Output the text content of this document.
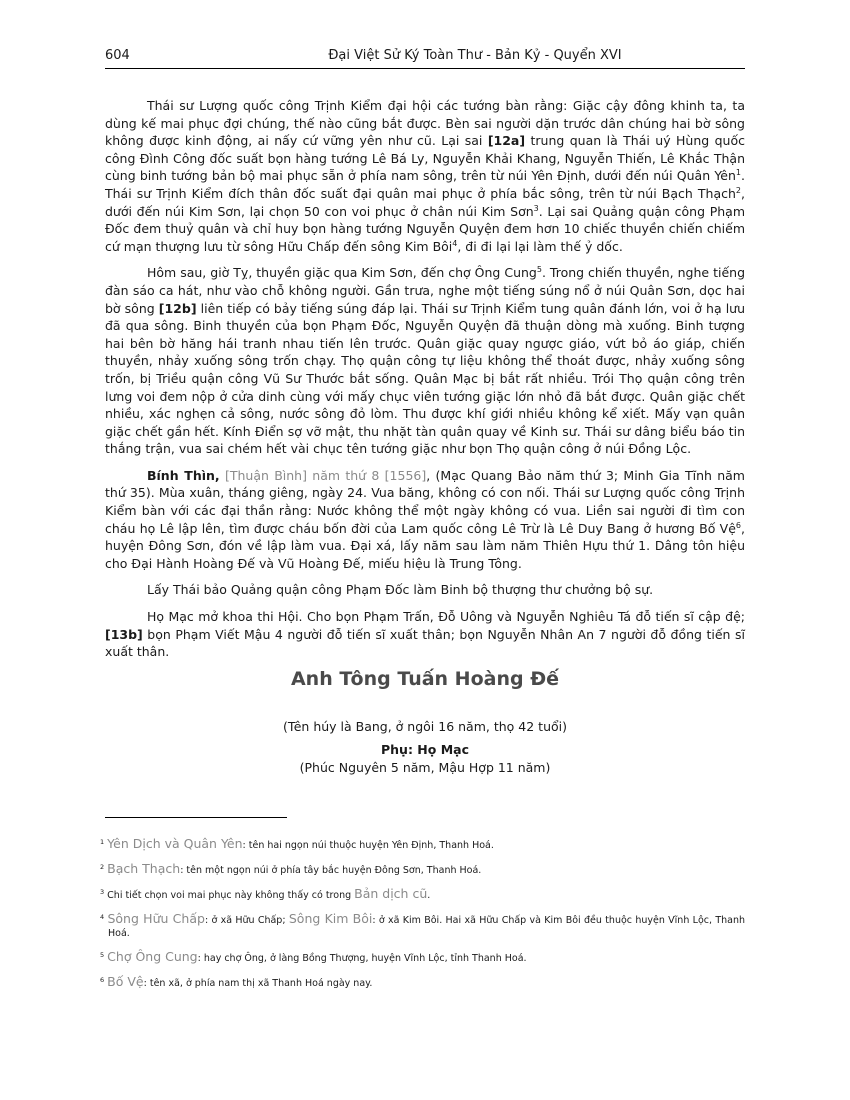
604	Đại Việt Sử Ký Toàn Thư - Bản Kỷ - Quyển XVI

Thái sư Lượng quốc công Trịnh Kiểm đại hội các tướng bàn rằng: Giặc cậy đông khinh ta, ta dùng kế mai phục đợi chúng, thế nào cũng bắt được. Bèn sai người dặn trước dân chúng hai bờ sông không được kinh động, ai nấy cứ vững yên như cũ. Lại sai [12a] trung quan là Thái uý Hùng quốc công Đình Công đốc suất bọn hàng tướng Lê Bá Ly, Nguyễn Khải Khang, Nguyễn Thiến, Lê Khắc Thận cùng binh tướng bản bộ mai phục sẵn ở phía nam sông, trên từ núi Yên Định, dưới đến núi Quân Yên$^1$. Thái sư Trịnh Kiểm đích thân đốc suất đại quân mai phục ở phía bắc sông, trên từ núi Bạch Thạch$^2$, dưới đến núi Kim Sơn, lại chọn 50 con voi phục ở chân núi Kim Sơn$^3$. Lại sai Quảng quận công Phạm Đốc đem thuỷ quân và chỉ huy bọn hàng tướng Nguyễn Quyện đem hơn 10 chiếc thuyền chiến chiếm cứ mạn thượng lưu từ sông Hữu Chấp đến sông Kim Bôi$^4$, đi đi lại lại làm thế ỷ dốc.

Hôm sau, giờ Tỵ, thuyền giặc qua Kim Sơn, đến chợ Ông Cung$^5$. Trong chiến thuyền, nghe tiếng đàn sáo ca hát, như vào chỗ không người. Gần trưa, nghe một tiếng súng nổ ở núi Quân Sơn, dọc hai bờ sông [12b] liên tiếp có bảy tiếng súng đáp lại. Thái sư Trịnh Kiểm tung quân đánh lớn, voi ở hạ lưu đã qua sông. Binh thuyền của bọn Phạm Đốc, Nguyễn Quyện đã thuận dòng mà xuống. Binh tượng hai bên bờ hăng hái tranh nhau tiến lên trước. Quân giặc quay ngược giáo, vứt bỏ áo giáp, chiến thuyền, nhảy xuống sông trốn chạy. Thọ quận công tự liệu không thể thoát được, nhảy xuống sông trốn, bị Triều quận công Vũ Sư Thước bắt sống. Quân Mạc bị bắt rất nhiều. Trói Thọ quận công trên lưng voi đem nộp ở cửa dinh cùng với mấy chục viên tướng giặc lớn nhỏ đã bắt được. Quân giặc chết nhiều, xác nghẹn cả sông, nước sông đỏ lòm. Thu được khí giới nhiều không kể xiết. Mấy vạn quân giặc chết gần hết. Kính Điển sợ vỡ mật, thu nhặt tàn quân quay về Kinh sư. Thái sư dâng biểu báo tin thắng trận, vua sai chém hết vài chục tên tướng giặc như bọn Thọ quận công ở núi Đồng Lộc.

Bính Thìn, [Thuận Bình] năm thứ 8 [1556], (Mạc Quang Bảo năm thứ 3; Minh Gia Tĩnh năm thứ 35). Mùa xuân, tháng giêng, ngày 24. Vua băng, không có con nối. Thái sư Lượng quốc công Trịnh Kiểm bàn với các đại thần rằng: Nước không thể một ngày không có vua. Liền sai người đi tìm con cháu họ Lê lập lên, tìm được cháu bốn đời của Lam quốc công Lê Trừ là Lê Duy Bang ở hương Bố Vệ$^6$, huyện Đông Sơn, đón về lập làm vua. Đại xá, lấy năm sau làm năm Thiên Hựu thứ 1. Dâng tôn hiệu cho Đại Hành Hoàng Đế và Vũ Hoàng Đế, miếu hiệu là Trung Tông.

Lấy Thái bảo Quảng quận công Phạm Đốc làm Binh bộ thượng thư chưởng bộ sự.

Họ Mạc mở khoa thi Hội. Cho bọn Phạm Trấn, Đỗ Uông và Nguyễn Nghiêu Tá đỗ tiến sĩ cập đệ; [13b] bọn Phạm Viết Mậu 4 người đỗ tiến sĩ xuất thân; bọn Nguyễn Nhân An 7 người đỗ đồng tiến sĩ xuất thân.

Anh Tông Tuấn Hoàng Đế
(Tên húy là Bang, ở ngôi 16 năm, thọ 42 tuổi)
Phụ: Họ Mạc
(Phúc Nguyên 5 năm, Mậu Hợp 11 năm)
$^1$ Yên Dịch và Quân Yên: tên hai ngọn núi thuộc huyện Yên Định, Thanh Hoá.
$^2$ Bạch Thạch: tên một ngọn núi ở phía tây bắc huyện Đông Sơn, Thanh Hoá.
$^3$ Chi tiết chọn voi mai phục này không thấy có trong Bản dịch cũ.
$^4$ Sông Hữu Chấp: ở xã Hữu Chấp; Sông Kim Bôi: ở xã Kim Bôi. Hai xã Hữu Chấp và Kim Bôi đều thuộc huyện Vĩnh Lộc, Thanh Hoá.
$^5$ Chợ Ông Cung: hay chợ Ông, ở làng Bồng Thượng, huyện Vĩnh Lộc, tỉnh Thanh Hoá.
$^6$ Bố Vệ: tên xã, ở phía nam thị xã Thanh Hoá ngày nay.
